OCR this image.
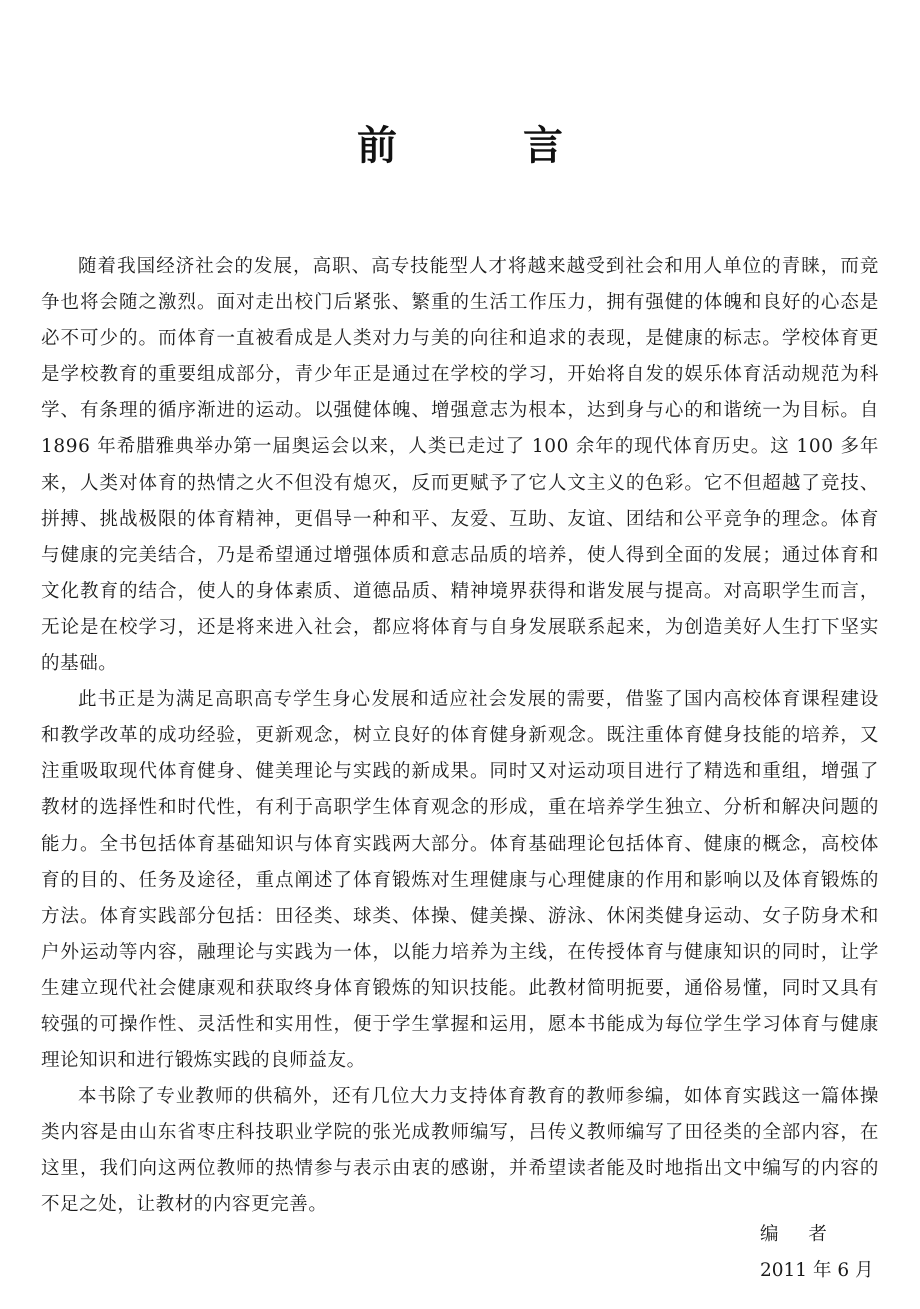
前 言

随着我国经济社会的发展，高职、高专技能型人才将越来越受到社会和用人单位的青睐，而竞争也将会随之激烈。面对走出校门后紧张、繁重的生活工作压力，拥有强健的体魄和良好的心态是必不可少的。而体育一直被看成是人类对力与美的向往和追求的表现，是健康的标志。学校体育更是学校教育的重要组成部分，青少年正是通过在学校的学习，开始将自发的娱乐体育活动规范为科学、有条理的循序渐进的运动。以强健体魄、增强意志为根本，达到身与心的和谐统一为目标。自 1896 年希腊雅典举办第一届奥运会以来，人类已走过了 100 余年的现代体育历史。这 100 多年来，人类对体育的热情之火不但没有熄灭，反而更赋予了它人文主义的色彩。它不但超越了竞技、拼搏、挑战极限的体育精神，更倡导一种和平、友爱、互助、友谊、团结和公平竞争的理念。体育与健康的完美结合，乃是希望通过增强体质和意志品质的培养，使人得到全面的发展；通过体育和文化教育的结合，使人的身体素质、道德品质、精神境界获得和谐发展与提高。对高职学生而言，无论是在校学习，还是将来进入社会，都应将体育与自身发展联系起来，为创造美好人生打下坚实的基础。

此书正是为满足高职高专学生身心发展和适应社会发展的需要，借鉴了国内高校体育课程建设和教学改革的成功经验，更新观念，树立良好的体育健身新观念。既注重体育健身技能的培养，又注重吸取现代体育健身、健美理论与实践的新成果。同时又对运动项目进行了精选和重组，增强了教材的选择性和时代性，有利于高职学生体育观念的形成，重在培养学生独立、分析和解决问题的能力。全书包括体育基础知识与体育实践两大部分。体育基础理论包括体育、健康的概念，高校体育的目的、任务及途径，重点阐述了体育锻炼对生理健康与心理健康的作用和影响以及体育锻炼的方法。体育实践部分包括：田径类、球类、体操、健美操、游泳、休闲类健身运动、女子防身术和户外运动等内容，融理论与实践为一体，以能力培养为主线，在传授体育与健康知识的同时，让学生建立现代社会健康观和获取终身体育锻炼的知识技能。此教材简明扼要，通俗易懂，同时又具有较强的可操作性、灵活性和实用性，便于学生掌握和运用，愿本书能成为每位学生学习体育与健康理论知识和进行锻炼实践的良师益友。

本书除了专业教师的供稿外，还有几位大力支持体育教育的教师参编，如体育实践这一篇体操类内容是由山东省枣庄科技职业学院的张光成教师编写，吕传义教师编写了田径类的全部内容，在这里，我们向这两位教师的热情参与表示由衷的感谢，并希望读者能及时地指出文中编写的内容的不足之处，让教材的内容更完善。

编 者
2011 年 6 月
